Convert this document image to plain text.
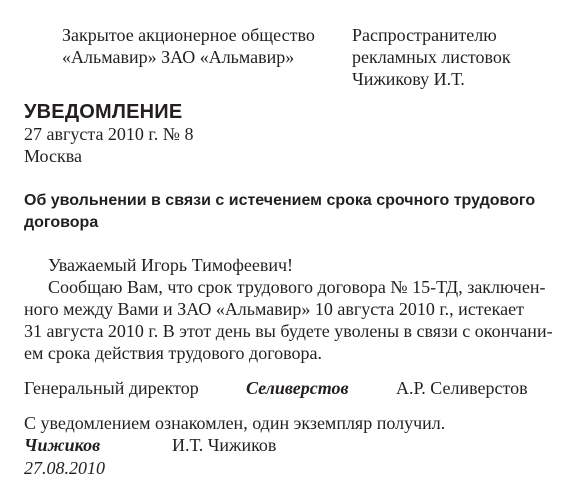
Закрытое акционерное общество
«Альмавир» ЗАО «Альмавир»
Распространителю
рекламных листовок
Чижикову И.Т.
УВЕДОМЛЕНИЕ
27 августа 2010 г. № 8
Москва
Об увольнении в связи с истечением срока срочного трудового
договора
Уважаемый Игорь Тимофеевич!
Сообщаю Вам, что срок трудового договора № 15-ТД, заключен-
ного между Вами и ЗАО «Альмавир» 10 августа 2010 г., истекает
31 августа 2010 г. В этот день вы будете уволены в связи с окончани-
ем срока действия трудового договора.
Генеральный директор	Селиверстов	А.Р. Селиверстов
С уведомлением ознакомлен, один экземпляр получил.
Чижиков	И.Т. Чижиков
27.08.2010
